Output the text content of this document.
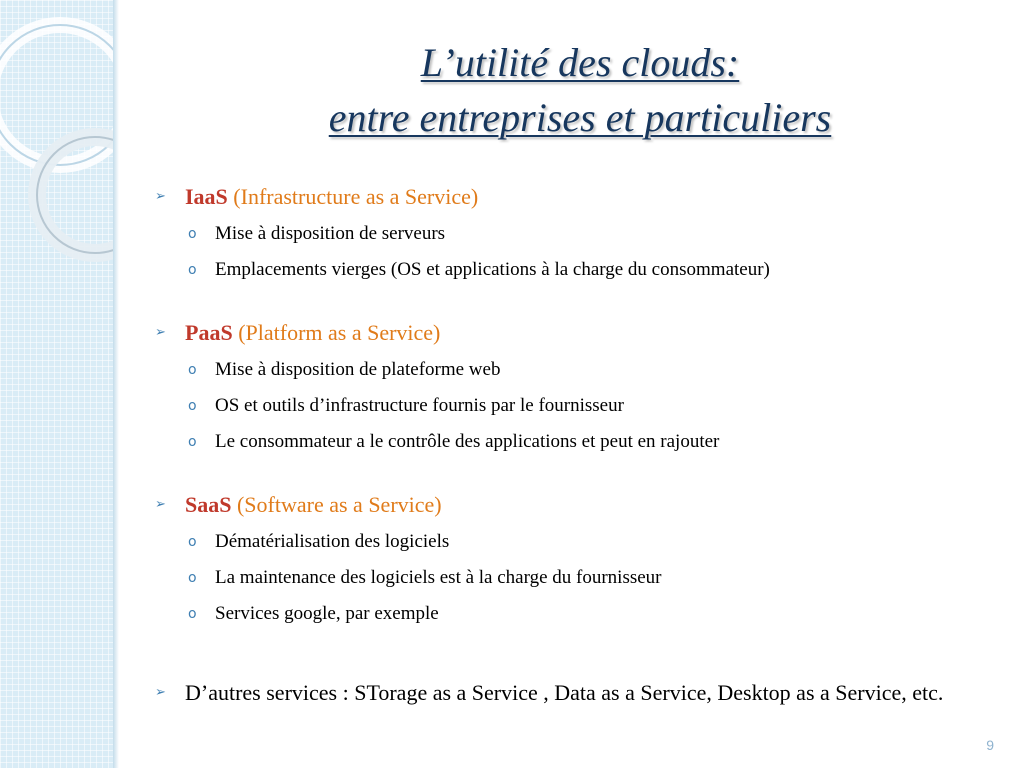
L’utilité des clouds:
entre entreprises et particuliers
➢ IaaS (Infrastructure as a Service)
o Mise à disposition de serveurs
o Emplacements vierges (OS et applications à la charge du consommateur)
➢ PaaS (Platform as a Service)
o Mise à disposition de plateforme web
o OS et outils d’infrastructure fournis par le fournisseur
o Le consommateur a le contrôle des applications et peut en rajouter
➢ SaaS (Software as a Service)
o Dématérialisation des logiciels
o La maintenance des logiciels est à la charge du fournisseur
o Services google, par exemple
➢ D’autres services : STorage as a Service , Data as a Service, Desktop as a Service, etc.
9
